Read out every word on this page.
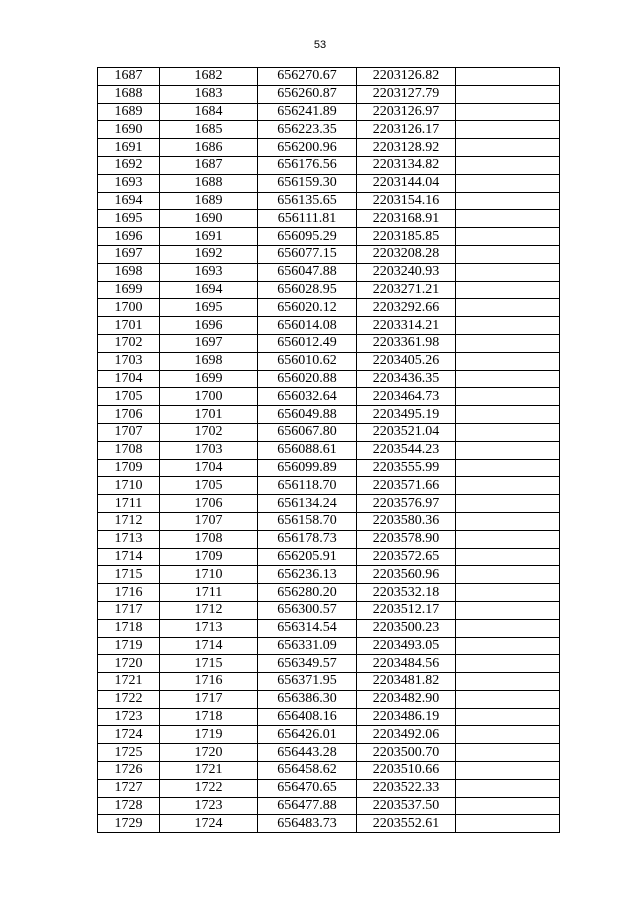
53
1687	1682	656270.67	2203126.82	
1688	1683	656260.87	2203127.79	
1689	1684	656241.89	2203126.97	
1690	1685	656223.35	2203126.17	
1691	1686	656200.96	2203128.92	
1692	1687	656176.56	2203134.82	
1693	1688	656159.30	2203144.04	
1694	1689	656135.65	2203154.16	
1695	1690	656111.81	2203168.91	
1696	1691	656095.29	2203185.85	
1697	1692	656077.15	2203208.28	
1698	1693	656047.88	2203240.93	
1699	1694	656028.95	2203271.21	
1700	1695	656020.12	2203292.66	
1701	1696	656014.08	2203314.21	
1702	1697	656012.49	2203361.98	
1703	1698	656010.62	2203405.26	
1704	1699	656020.88	2203436.35	
1705	1700	656032.64	2203464.73	
1706	1701	656049.88	2203495.19	
1707	1702	656067.80	2203521.04	
1708	1703	656088.61	2203544.23	
1709	1704	656099.89	2203555.99	
1710	1705	656118.70	2203571.66	
1711	1706	656134.24	2203576.97	
1712	1707	656158.70	2203580.36	
1713	1708	656178.73	2203578.90	
1714	1709	656205.91	2203572.65	
1715	1710	656236.13	2203560.96	
1716	1711	656280.20	2203532.18	
1717	1712	656300.57	2203512.17	
1718	1713	656314.54	2203500.23	
1719	1714	656331.09	2203493.05	
1720	1715	656349.57	2203484.56	
1721	1716	656371.95	2203481.82	
1722	1717	656386.30	2203482.90	
1723	1718	656408.16	2203486.19	
1724	1719	656426.01	2203492.06	
1725	1720	656443.28	2203500.70	
1726	1721	656458.62	2203510.66	
1727	1722	656470.65	2203522.33	
1728	1723	656477.88	2203537.50	
1729	1724	656483.73	2203552.61	
